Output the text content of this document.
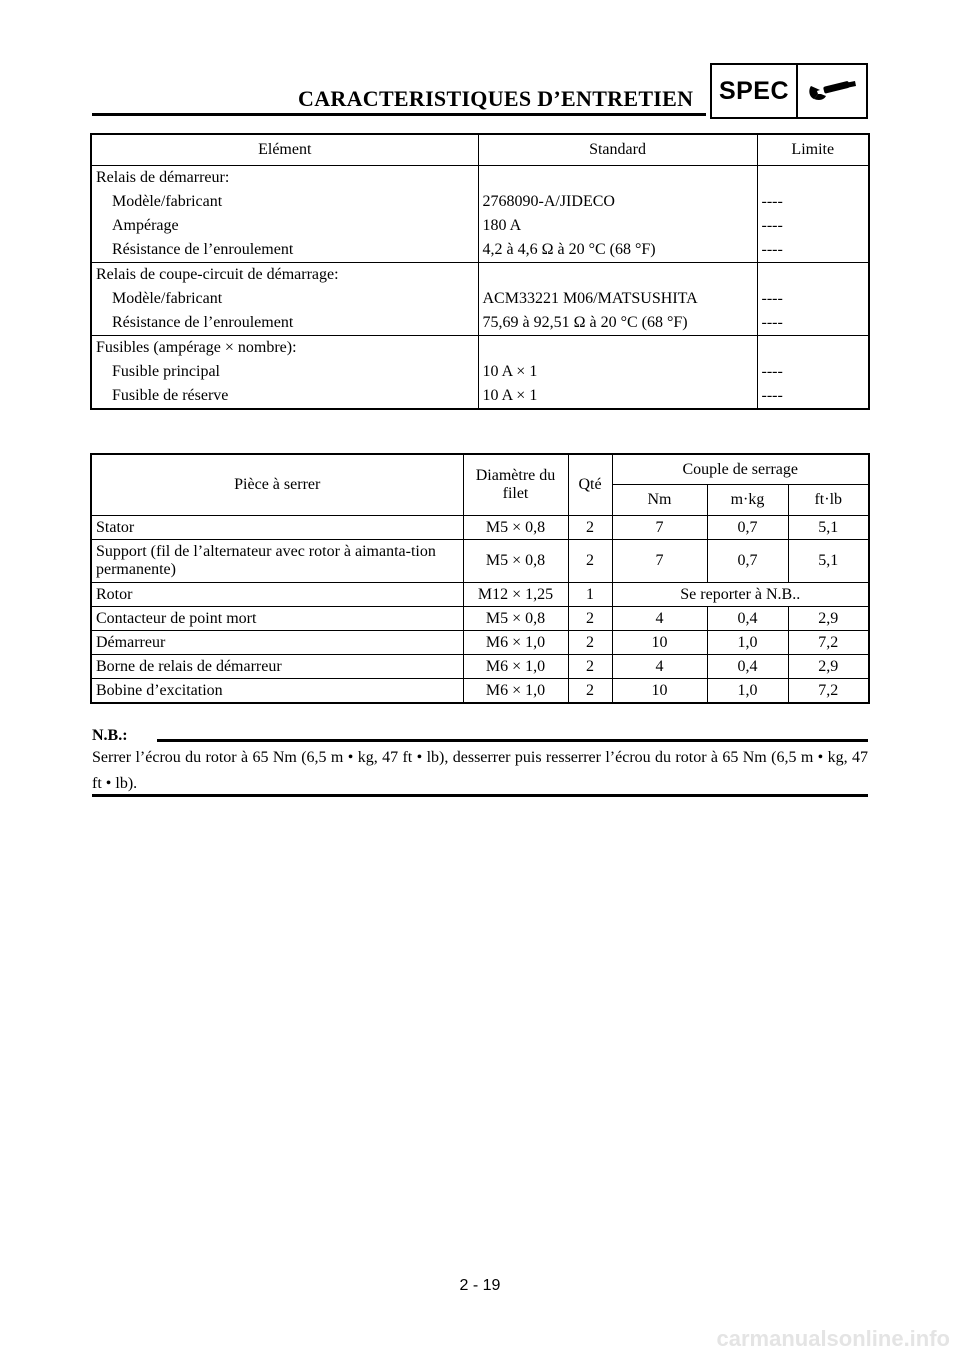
CARACTERISTIQUES D’ENTRETIEN SPEC
Elément	Standard	Limite
Relais de démarreur:		
Modèle/fabricant	2768090-A/JIDECO	----
Ampérage	180 A	----
Résistance de l’enroulement	4,2 à 4,6 Ω à 20 °C (68 °F)	----
Relais de coupe-circuit de démarrage:		
Modèle/fabricant	ACM33221 M06/MATSUSHITA	----
Résistance de l’enroulement	75,69 à 92,51 Ω à 20 °C (68 °F)	----
Fusibles (ampérage × nombre):		
Fusible principal	10 A × 1	----
Fusible de réserve	10 A × 1	----
Pièce à serrer	Diamètre du filet	Qté	Couple de serrage		
			Nm	m·kg	ft·lb
Stator	M5 × 0,8	2	7	0,7	5,1
Support (fil de l’alternateur avec rotor à aimanta-tion permanente)	M5 × 0,8	2	7	0,7	5,1
Rotor	M12 × 1,25	1	Se reporter à N.B..		
Contacteur de point mort	M5 × 0,8	2	4	0,4	2,9
Démarreur	M6 × 1,0	2	10	1,0	7,2
Borne de relais de démarreur	M6 × 1,0	2	4	0,4	2,9
Bobine d’excitation	M6 × 1,0	2	10	1,0	7,2
N.B.:
Serrer l’écrou du rotor à 65 Nm (6,5 m • kg, 47 ft • lb), desserrer puis resserrer l’écrou du rotor à 65 Nm (6,5 m • kg, 47 ft • lb).
2 - 19
carmanualsonline.info
